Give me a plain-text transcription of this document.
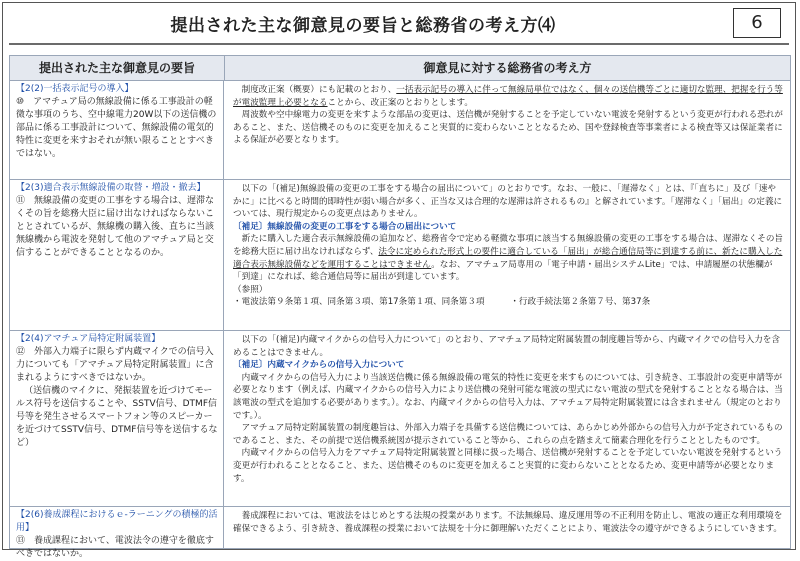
提出された主な御意見の要旨と総務省の考え方⑷	6
提出された主な御意見の要旨	御意見に対する総務省の考え方
【2(2)一括表示記号の導入】
⑩　アマチュア局の無線設備に係る工事設計の軽微な事項のうち、空中線電力20W以下の送信機の部品に係る工事設計について、無線設備の電気的特性に変更を来すおそれが無い限ることとすべきではない。
　制度改正案（概要）にも記載のとおり、一括表示記号の導入に伴って無線局単位ではなく、個々の送信機等ごとに適切な監理、把握を行う等が電波監理上必要となることから、改正案のとおりとします。
　周波数や空中線電力の変更を来すような部品の変更は、送信機が発射することを予定していない電波を発射するという変更が行われる恐れがあること、また、送信機そのものに変更を加えること実質的に変わらないこととなるため、国や登録検査等事業者による検査等又は保証業者による保証が必要となります。
【2(3)適合表示無線設備の取替・増設・撤去】
⑪　無線設備の変更の工事をする場合は、遅滞なくその旨を総務大臣に届け出なければならないこととされているが、無線機の購入後、直ちに当該無線機から電波を発射して他のアマチュア局と交信することができることとなるのか。
　以下の「(補足)無線設備の変更の工事をする場合の届出について」のとおりです。なお、一般に、「遅滞なく」とは、『「直ちに」及び「速やかに」に比べると時間的即時性が弱い場合が多く、正当な又は合理的な遅滞は許されるもの』と解されています。「遅滞なく」「届出」の定義については、現行規定からの変更点はありません。
〔補足〕無線設備の変更の工事をする場合の届出について
　新たに購入した適合表示無線設備の追加など、総務省令で定める軽微な事項に該当する無線設備の変更の工事をする場合は、遅滞なくその旨を総務大臣に届け出なければならず、法令に定められた形式上の要件に適合している「届出」が総合通信局等に到達する前に、新たに購入した適合表示無線設備などを運用することはできません。なお、アマチュア局専用の「電子申請・届出システムLite」では、申請履歴の状態欄が「到達」になれば、総合通信局等に届出が到達しています。
（参照）
・電波法第９条第１項、同条第３項、第17条第１項、同条第３項　　　・行政手続法第２条第７号、第37条
【2(4)アマチュア局特定附属装置】
⑫　外部入力端子に限らず内蔵マイクでの信号入力についても「アマチュア局特定附属装置」に含まれるようにすべきではないか。
（送信機のマイクに、発振装置を近づけてモールス符号を送信することや、SSTV信号、DTMF信号等を発生させるスマートフォン等のスピーカーを近づけてSSTV信号、DTMF信号等を送信するなど）
　以下の「(補足)内蔵マイクからの信号入力について」のとおり、アマチュア局特定附属装置の制度趣旨等から、内蔵マイクでの信号入力を含めることはできません。
〔補足〕内蔵マイクからの信号入力について
　内蔵マイクからの信号入力により当該送信機に係る無線設備の電気的特性に変更を来すものについては、引き続き、工事設計の変更申請等が必要となります（例えば、内蔵マイクからの信号入力により送信機の発射可能な電波の型式にない電波の型式を発射することとなる場合は、当該電波の型式を追加する必要があります。）。なお、内蔵マイクからの信号入力は、アマチュア局特定附属装置には含まれません（規定のとおりです。）。
　アマチュア局特定附属装置の制度趣旨は、外部入力端子を具備する送信機については、あらかじめ外部からの信号入力が予定されているものであること、また、その前提で送信機系統図が提示されていること等から、これらの点を踏まえて簡素合理化を行うこととしたものです。
　内蔵マイクからの信号入力をアマチュア局特定附属装置と同様に扱った場合、送信機が発射することを予定していない電波を発射するという変更が行われることとなること、また、送信機そのものに変更を加えること実質的に変わらないこととなるため、変更申請等が必要となります。
【2(6)養成課程におけるｅ-ラーニングの積極的活用】
⑬　養成課程において、電波法令の遵守を徹底すべきではないか。
　養成課程においては、電波法をはじめとする法規の授業があります。不法無線局、違反運用等の不正利用を防止し、電波の適正な利用環境を確保できるよう、引き続き、養成課程の授業において法規を十分に御理解いただくことにより、電波法令の遵守ができるようにしていきます。
